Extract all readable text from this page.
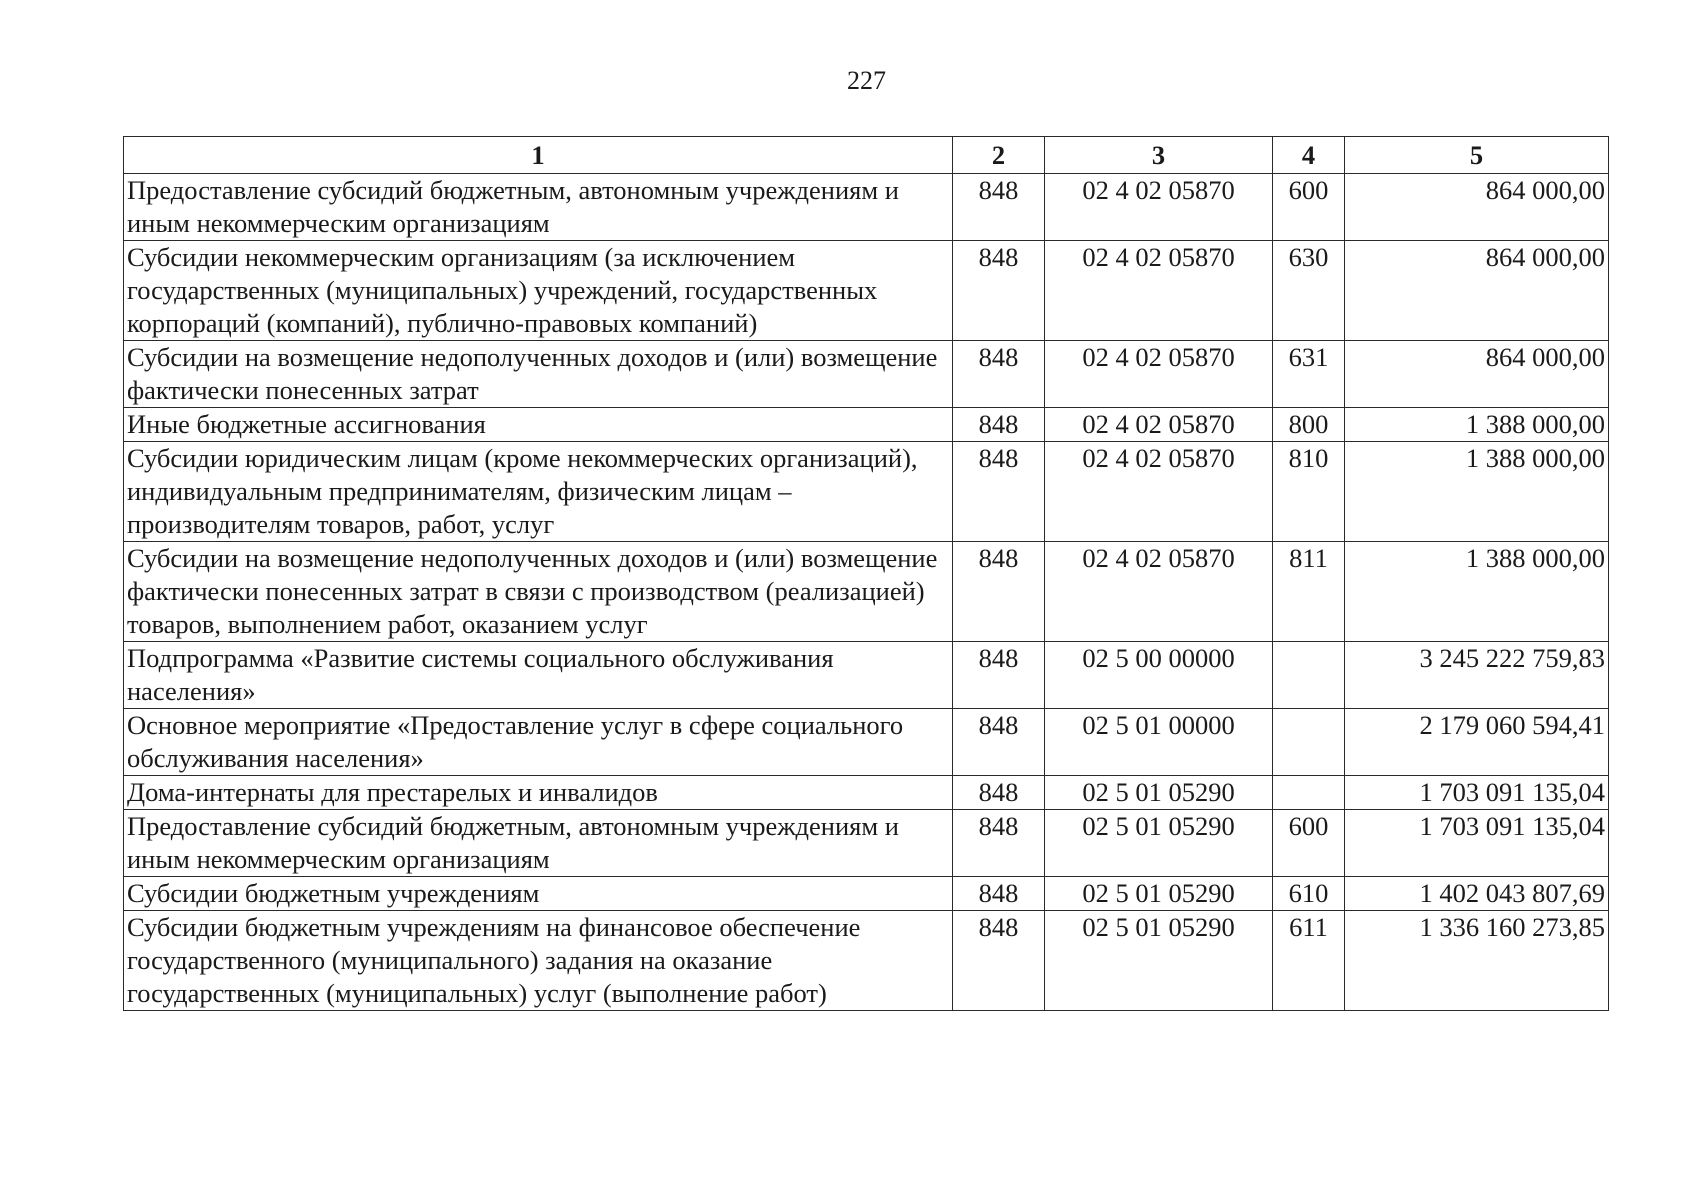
227
1	2	3	4	5
Предоставление субсидий бюджетным, автономным учреждениям и иным некоммерческим организациям	848	02 4 02 05870	600	864 000,00
Субсидии некоммерческим организациям (за исключением государственных (муниципальных) учреждений, государственных корпораций (компаний), публично-правовых компаний)	848	02 4 02 05870	630	864 000,00
Субсидии на возмещение недополученных доходов и (или) возмещение фактически понесенных затрат	848	02 4 02 05870	631	864 000,00
Иные бюджетные ассигнования	848	02 4 02 05870	800	1 388 000,00
Субсидии юридическим лицам (кроме некоммерческих организаций), индивидуальным предпринимателям, физическим лицам – производителям товаров, работ, услуг	848	02 4 02 05870	810	1 388 000,00
Субсидии на возмещение недополученных доходов и (или) возмещение фактически понесенных затрат в связи с производством (реализацией) товаров, выполнением работ, оказанием услуг	848	02 4 02 05870	811	1 388 000,00
Подпрограмма «Развитие системы социального обслуживания населения»	848	02 5 00 00000		3 245 222 759,83
Основное мероприятие «Предоставление услуг в сфере социального обслуживания населения»	848	02 5 01 00000		2 179 060 594,41
Дома-интернаты для престарелых и инвалидов	848	02 5 01 05290		1 703 091 135,04
Предоставление субсидий бюджетным, автономным учреждениям и иным некоммерческим организациям	848	02 5 01 05290	600	1 703 091 135,04
Субсидии бюджетным учреждениям	848	02 5 01 05290	610	1 402 043 807,69
Субсидии бюджетным учреждениям на финансовое обеспечение государственного (муниципального) задания на оказание государственных (муниципальных) услуг (выполнение работ)	848	02 5 01 05290	611	1 336 160 273,85
